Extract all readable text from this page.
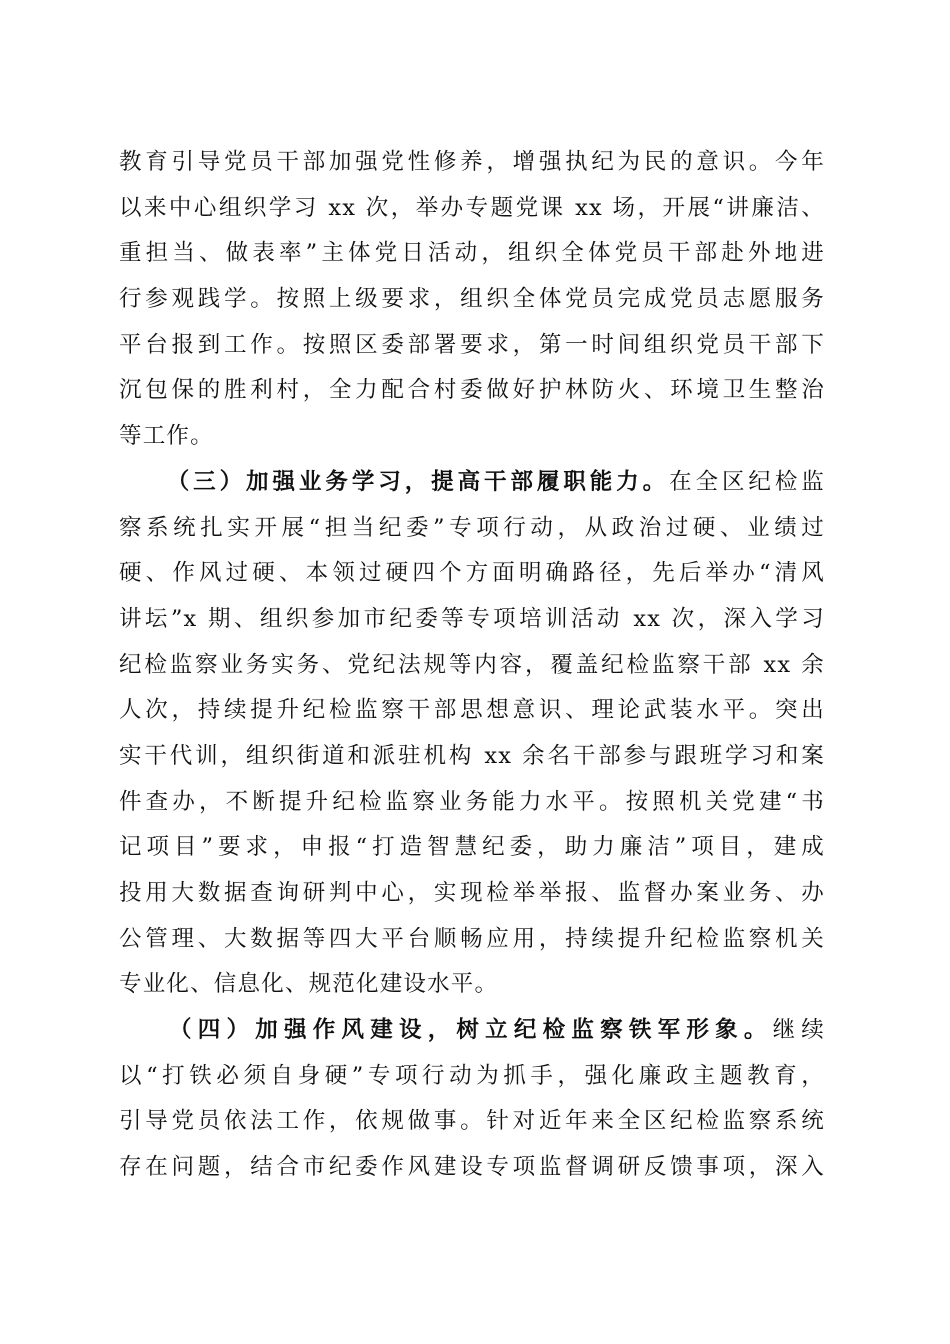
教育引导党员干部加强党性修养，增强执纪为民的意识。今年
以来中心组织学习 xx 次，举办专题党课 xx 场，开展“讲廉洁、
重担当、做表率”主体党日活动，组织全体党员干部赴外地进
行参观践学。按照上级要求，组织全体党员完成党员志愿服务
平台报到工作。按照区委部署要求，第一时间组织党员干部下
沉包保的胜利村，全力配合村委做好护林防火、环境卫生整治
等工作。
（三）加强业务学习，提高干部履职能力。在全区纪检监
察系统扎实开展“担当纪委”专项行动，从政治过硬、业绩过
硬、作风过硬、本领过硬四个方面明确路径，先后举办“清风
讲坛”x 期、组织参加市纪委等专项培训活动 xx 次，深入学习
纪检监察业务实务、党纪法规等内容，覆盖纪检监察干部 xx 余
人次，持续提升纪检监察干部思想意识、理论武装水平。突出
实干代训，组织街道和派驻机构 xx 余名干部参与跟班学习和案
件查办，不断提升纪检监察业务能力水平。按照机关党建“书
记项目”要求，申报“打造智慧纪委，助力廉洁”项目，建成
投用大数据查询研判中心，实现检举举报、监督办案业务、办
公管理、大数据等四大平台顺畅应用，持续提升纪检监察机关
专业化、信息化、规范化建设水平。
（四）加强作风建设，树立纪检监察铁军形象。继续
以“打铁必须自身硬”专项行动为抓手，强化廉政主题教育，
引导党员依法工作，依规做事。针对近年来全区纪检监察系统
存在问题，结合市纪委作风建设专项监督调研反馈事项，深入
